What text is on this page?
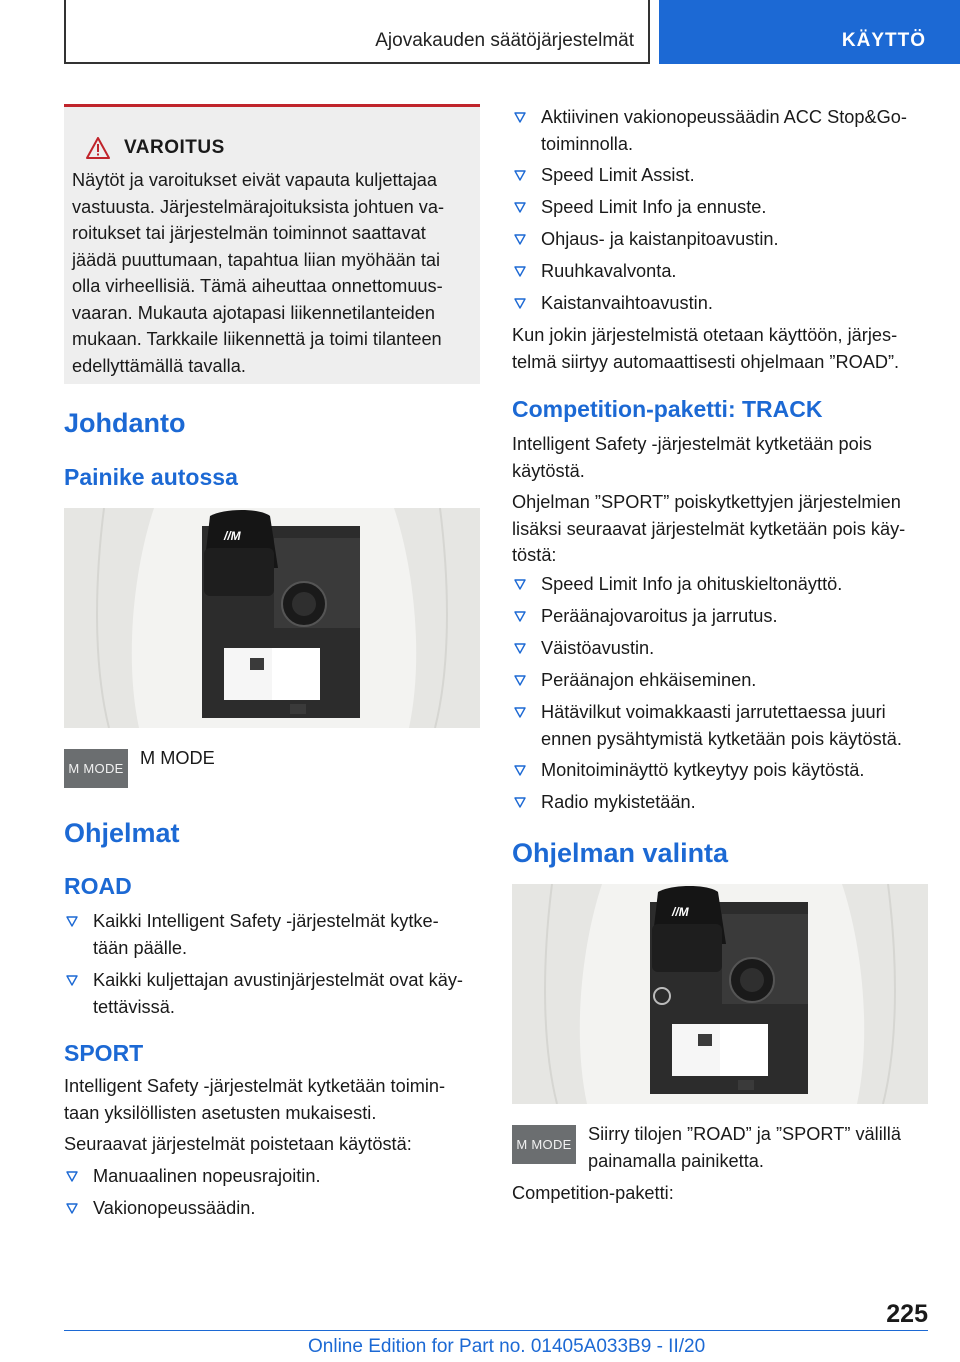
Ajovakauden säätöjärjestelmät	KÄYTTÖ
VAROITUS
Näytöt ja varoitukset eivät vapauta kuljettajaa
vastuusta. Järjestelmärajoituksista johtuen va-
roitukset tai järjestelmän toiminnot saattavat
jäädä puuttumaan, tapahtua liian myöhään tai
olla virheellisiä. Tämä aiheuttaa onnettomuus-
vaaran. Mukauta ajotapasi liikennetilanteiden
mukaan. Tarkkaile liikennettä ja toimi tilanteen
edellyttämällä tavalla.
Johdanto
Painike autossa
//M
M MODE
M MODE
Ohjelmat
ROAD
Kaikki Intelligent Safety -järjestelmät kytke-
tään päälle.
Kaikki kuljettajan avustinjärjestelmät ovat käy-
tettävissä.
SPORT
Intelligent Safety -järjestelmät kytketään toimin-
taan yksilöllisten asetusten mukaisesti.
Seuraavat järjestelmät poistetaan käytöstä:
Manuaalinen nopeusrajoitin.
Vakionopeussäädin.
Aktiivinen vakionopeussäädin ACC Stop&Go-
toiminnolla.
Speed Limit Assist.
Speed Limit Info ja ennuste.
Ohjaus- ja kaistanpitoavustin.
Ruuhkavalvonta.
Kaistanvaihtoavustin.
Kun jokin järjestelmistä otetaan käyttöön, järjes-
telmä siirtyy automaattisesti ohjelmaan ”ROAD”.
Competition-paketti: TRACK
Intelligent Safety -järjestelmät kytketään pois
käytöstä.
Ohjelman ”SPORT” poiskytkettyjen järjestelmien
lisäksi seuraavat järjestelmät kytketään pois käy-
töstä:
Speed Limit Info ja ohituskieltonäyttö.
Peräänajovaroitus ja jarrutus.
Väistöavustin.
Peräänajon ehkäiseminen.
Hätävilkut voimakkaasti jarrutettaessa juuri
ennen pysähtymistä kytketään pois käytöstä.
Monitoiminäyttö kytkeytyy pois käytöstä.
Radio mykistetään.
Ohjelman valinta
//M
M MODE
Siirry tilojen ”ROAD” ja ”SPORT” välillä
painamalla painiketta.
Competition-paketti:
225
Online Edition for Part no. 01405A033B9 - II/20
